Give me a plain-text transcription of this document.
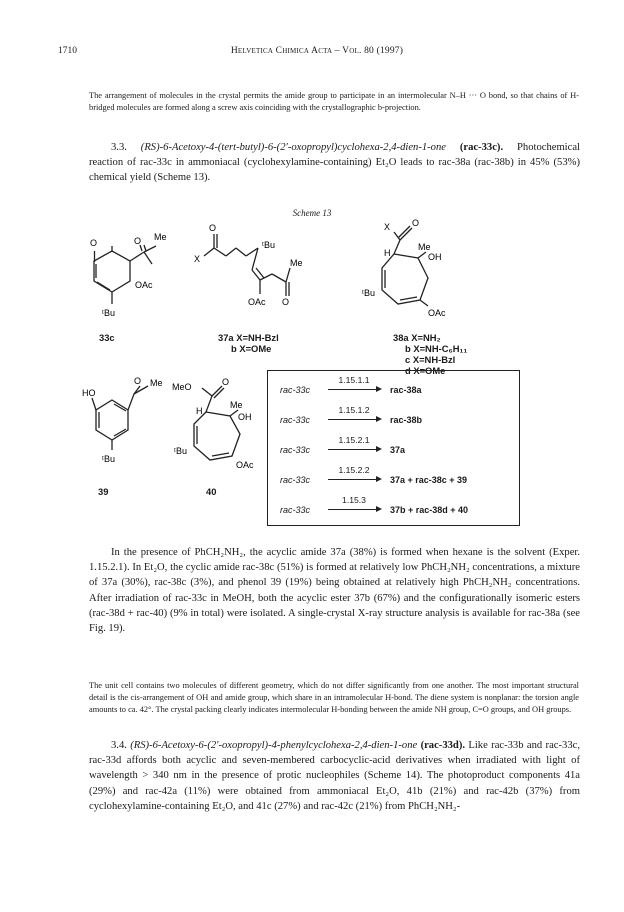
1710	Helvetica Chimica Acta – Vol. 80 (1997)
The arrangement of molecules in the crystal permits the amide group to participate in an intermolecular N–H ··· O bond, so that chains of H-bridged molecules are formed along a screw axis coinciding with the crystallographic b-projection.
3.3. (RS)-6-Acetoxy-4-(tert-butyl)-6-(2′-oxopropyl)cyclohexa-2,4-dien-1-one (rac-33c). Photochemical reaction of rac-33c in ammoniacal (cyclohexylamine-containing) Et₂O leads to rac-38a (rac-38b) in 45% (53%) chemical yield (Scheme 13).
Scheme 13
O	O Me
OAc
ᵗBu
O
X
ᵗBu
Me
OAc O
X O
H
Me
OH
ᵗBu
OAc
33c	37a X=NH-Bzl
b X=OMe
38a X=NH₂
b X=NH-C₆H₁₁
c X=NH-Bzl
d X=OMe
HO
O Me
ᵗBu
MeO	O
H
Me
OH
ᵗBu
OAc
39	40
rac-33c
1.15.1.1
rac-38a
rac-33c
1.15.1.2
rac-38b
rac-33c
1.15.2.1
37a
rac-33c
1.15.2.2
37a + rac-38c + 39
rac-33c
1.15.3
37b + rac-38d + 40
In the presence of PhCH₂NH₂, the acyclic amide 37a (38%) is formed when hexane is the solvent (Exper. 1.15.2.1). In Et₂O, the cyclic amide rac-38c (51%) is formed at relatively low PhCH₂NH₂ concentrations, a mixture of 37a (30%), rac-38c (3%), and phenol 39 (19%) being obtained at relatively high PhCH₂NH₂ concentrations. After irradiation of rac-33c in MeOH, both the acyclic ester 37b (67%) and the configurationally isomeric esters (rac-38d + rac-40) (9% in total) were isolated. A single-crystal X-ray structure analysis is available for rac-38a (see Fig. 19).
The unit cell contains two molecules of different geometry, which do not differ significantly from one another. The most important structural detail is the cis-arrangement of OH and amide group, which share in an intramolecular H-bond. The diene system is nonplanar: the torsion angle amounts to ca. 42°. The crystal packing clearly indicates intermolecular H-bonding between the amide NH group, C=O groups, and OH groups.
3.4. (RS)-6-Acetoxy-6-(2′-oxopropyl)-4-phenylcyclohexa-2,4-dien-1-one (rac-33d). Like rac-33b and rac-33c, rac-33d affords both acyclic and seven-membered carbocyclic-acid derivatives when irradiated with light of wavelength > 340 nm in the presence of protic nucleophiles (Scheme 14). The photoproduct components 41a (29%) and rac-42a (11%) were obtained from ammoniacal Et₂O, 41b (21%) and rac-42b (37%) from cyclohexylamine-containing Et₂O, and 41c (27%) and rac-42c (21%) from PhCH₂NH₂-
